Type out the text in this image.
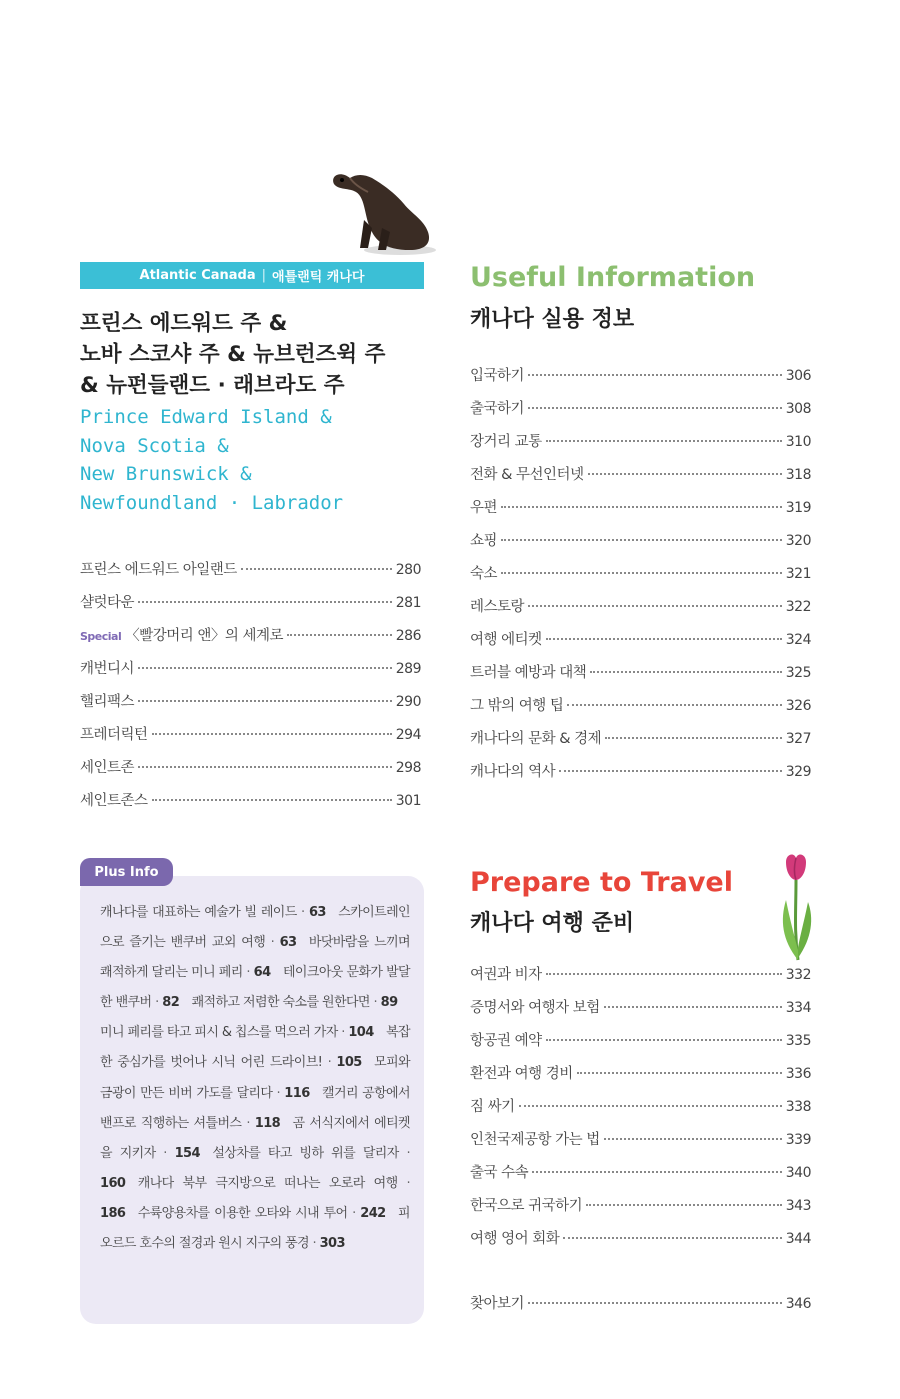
Atlantic Canada | 애틀랜틱 캐나다
프린스 에드워드 주 &
노바 스코샤 주 & 뉴브런즈윅 주
& 뉴펀들랜드 · 래브라도 주
Prince Edward Island &
Nova Scotia &
New Brunswick &
Newfoundland · Labrador
프린스 에드워드 아일랜드	280
샬럿타운	281
Special 〈빨강머리 앤〉의 세계로	286
캐번디시	289
핼리팩스	290
프레더릭턴	294
세인트존	298
세인트존스	301
Plus Info
캐나다를 대표하는 예술가 빌 레이드 · 63  스카이트레인으로 즐기는 밴쿠버 교외 여행 · 63  바닷바람을 느끼며 쾌적하게 달리는 미니 페리 · 64  테이크아웃 문화가 발달한 밴쿠버 · 82  쾌적하고 저렴한 숙소를 원한다면 · 89 미니 페리를 타고 피시 & 칩스를 먹으러 가자 · 104  복잡한 중심가를 벗어나 시닉 어린 드라이브! · 105  모피와 금광이 만든 비버 가도를 달리다 · 116  캘거리 공항에서 밴프로 직행하는 셔틀버스 · 118  곰 서식지에서 에티켓을 지키자 · 154  설상차를 타고 빙하 위를 달리자 · 160  캐나다 북부 극지방으로 떠나는 오로라 여행 · 186  수륙양용차를 이용한 오타와 시내 투어 · 242  피오르드 호수의 절경과 원시 지구의 풍경 · 303
Useful Information
캐나다 실용 정보
입국하기	306
출국하기	308
장거리 교통	310
전화 & 무선인터넷	318
우편	319
쇼핑	320
숙소	321
레스토랑	322
여행 에티켓	324
트러블 예방과 대책	325
그 밖의 여행 팁	326
캐나다의 문화 & 경제	327
캐나다의 역사	329
Prepare to Travel
캐나다 여행 준비
여권과 비자	332
증명서와 여행자 보험	334
항공권 예약	335
환전과 여행 경비	336
짐 싸기	338
인천국제공항 가는 법	339
출국 수속	340
한국으로 귀국하기	343
여행 영어 회화	344
찾아보기	346
